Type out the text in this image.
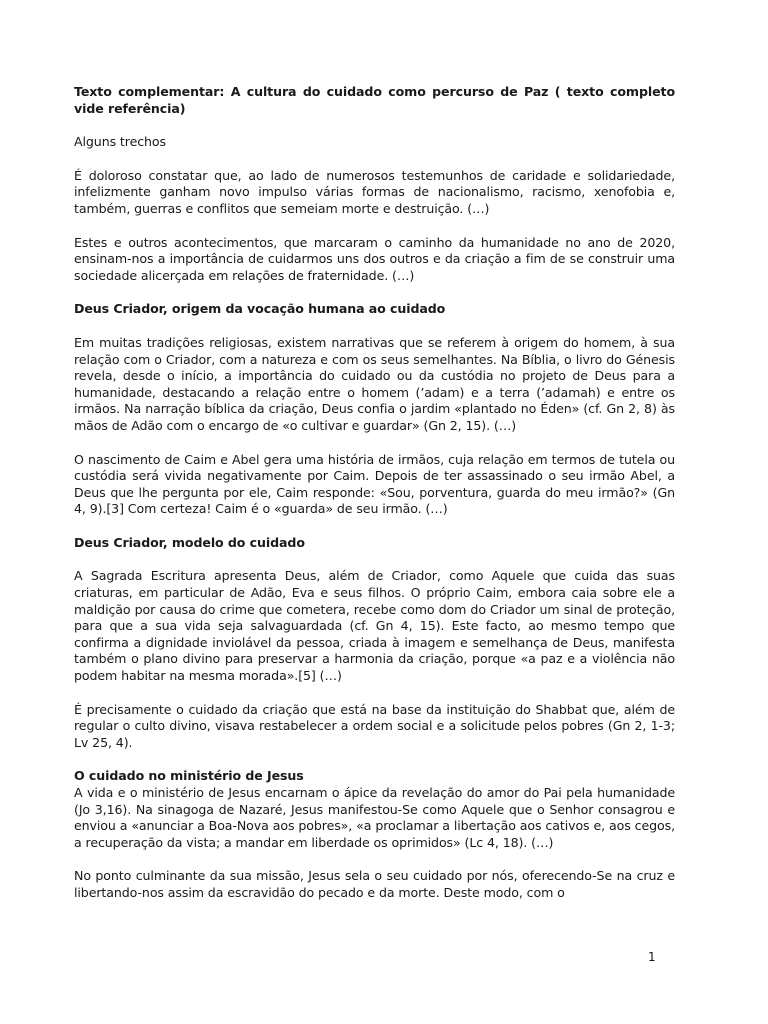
Texto complementar: A cultura do cuidado como percurso de Paz ( texto completo vide referência)

Alguns trechos

É doloroso constatar que, ao lado de numerosos testemunhos de caridade e solidariedade, infelizmente ganham novo impulso várias formas de nacionalismo, racismo, xenofobia e, também, guerras e conflitos que semeiam morte e destruição. (…)

Estes e outros acontecimentos, que marcaram o caminho da humanidade no ano de 2020, ensinam-nos a importância de cuidarmos uns dos outros e da criação a fim de se construir uma sociedade alicerçada em relações de fraternidade. (…)

Deus Criador, origem da vocação humana ao cuidado

Em muitas tradições religiosas, existem narrativas que se referem à origem do homem, à sua relação com o Criador, com a natureza e com os seus semelhantes. Na Bíblia, o livro do Génesis revela, desde o início, a importância do cuidado ou da custódia no projeto de Deus para a humanidade, destacando a relação entre o homem (’adam) e a terra (’adamah) e entre os irmãos. Na narração bíblica da criação, Deus confia o jardim «plantado no Éden» (cf. Gn 2, 8) às mãos de Adão com o encargo de «o cultivar e guardar» (Gn 2, 15). (…)

O nascimento de Caim e Abel gera uma história de irmãos, cuja relação em termos de tutela ou custódia será vivida negativamente por Caim. Depois de ter assassinado o seu irmão Abel, a Deus que lhe pergunta por ele, Caim responde: «Sou, porventura, guarda do meu irmão?» (Gn 4, 9).[3] Com certeza! Caim é o «guarda» de seu irmão. (…)

Deus Criador, modelo do cuidado

A Sagrada Escritura apresenta Deus, além de Criador, como Aquele que cuida das suas criaturas, em particular de Adão, Eva e seus filhos. O próprio Caim, embora caia sobre ele a maldição por causa do crime que cometera, recebe como dom do Criador um sinal de proteção, para que a sua vida seja salvaguardada (cf. Gn 4, 15). Este facto, ao mesmo tempo que confirma a dignidade inviolável da pessoa, criada à imagem e semelhança de Deus, manifesta também o plano divino para preservar a harmonia da criação, porque «a paz e a violência não podem habitar na mesma morada».[5] (…)

É precisamente o cuidado da criação que está na base da instituição do Shabbat que, além de regular o culto divino, visava restabelecer a ordem social e a solicitude pelos pobres (Gn 2, 1-3; Lv 25, 4).

O cuidado no ministério de Jesus

A vida e o ministério de Jesus encarnam o ápice da revelação do amor do Pai pela humanidade (Jo 3,16). Na sinagoga de Nazaré, Jesus manifestou-Se como Aquele que o Senhor consagrou e enviou a «anunciar a Boa-Nova aos pobres», «a proclamar a libertação aos cativos e, aos cegos, a recuperação da vista; a mandar em liberdade os oprimidos» (Lc 4, 18). (…)

No ponto culminante da sua missão, Jesus sela o seu cuidado por nós, oferecendo-Se na cruz e libertando-nos assim da escravidão do pecado e da morte. Deste modo, com o

1
